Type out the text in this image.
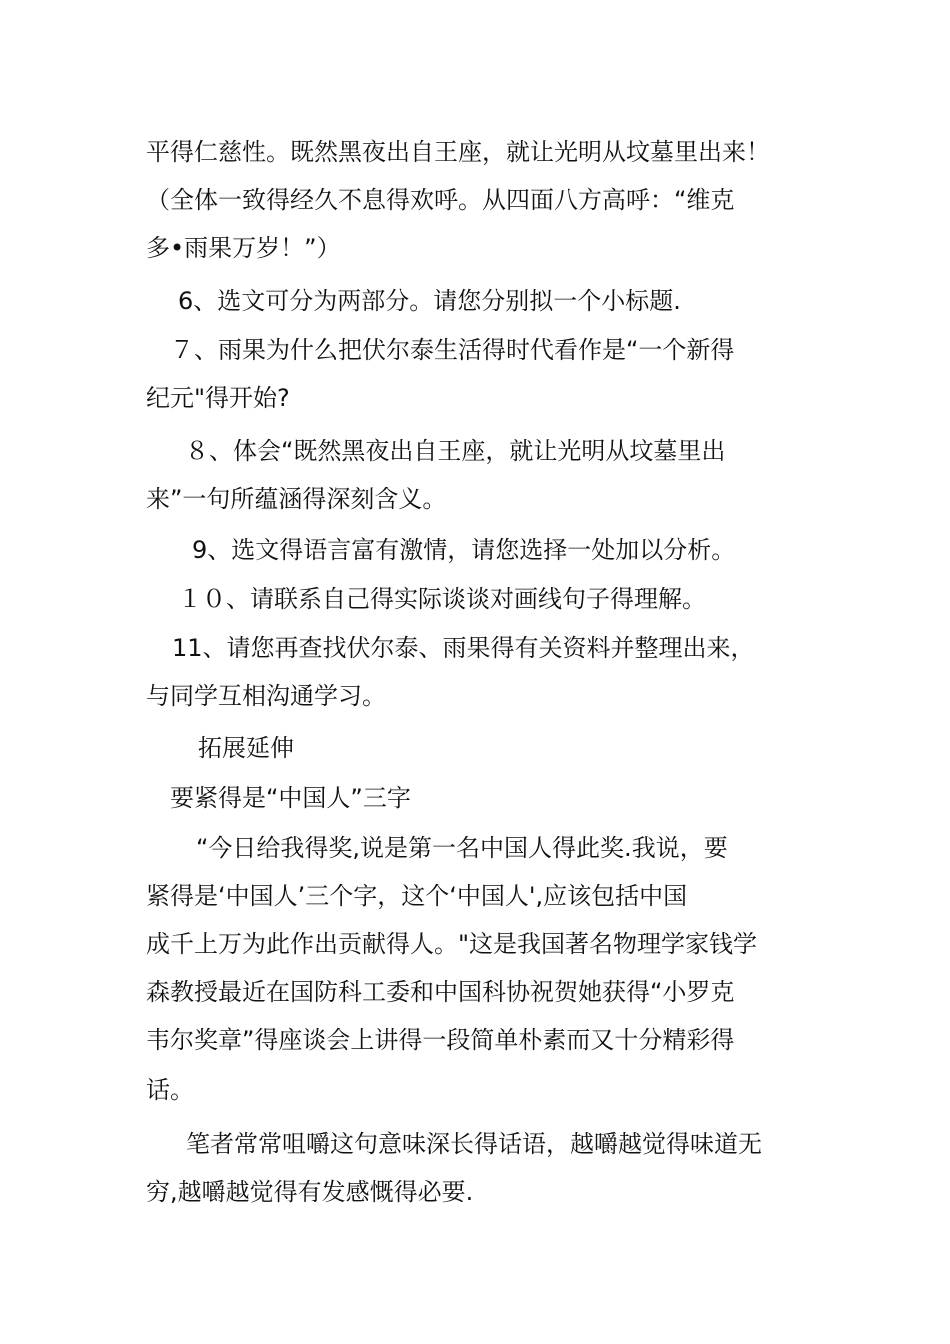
平得仁慈性。既然黑夜出自王座，就让光明从坟墓里出来！
（全体一致得经久不息得欢呼。从四面八方高呼：“维克
多•雨果万岁！”）
6、选文可分为两部分。请您分别拟一个小标题.
７、雨果为什么把伏尔泰生活得时代看作是“一个新得
纪元"得开始?
８、体会“既然黑夜出自王座，就让光明从坟墓里出
来”一句所蕴涵得深刻含义。
9、选文得语言富有激情，请您选择一处加以分析。
１０、请联系自己得实际谈谈对画线句子得理解。
11、请您再查找伏尔泰、雨果得有关资料并整理出来，
与同学互相沟通学习。
拓展延伸
要紧得是“中国人”三字
“今日给我得奖,说是第一名中国人得此奖.我说，要
紧得是‘中国人’三个字，这个‘中国人',应该包括中国
成千上万为此作出贡献得人。"这是我国著名物理学家钱学
森教授最近在国防科工委和中国科协祝贺她获得“小罗克
韦尔奖章”得座谈会上讲得一段简单朴素而又十分精彩得
话。
笔者常常咀嚼这句意味深长得话语，越嚼越觉得味道无
穷,越嚼越觉得有发感慨得必要.
